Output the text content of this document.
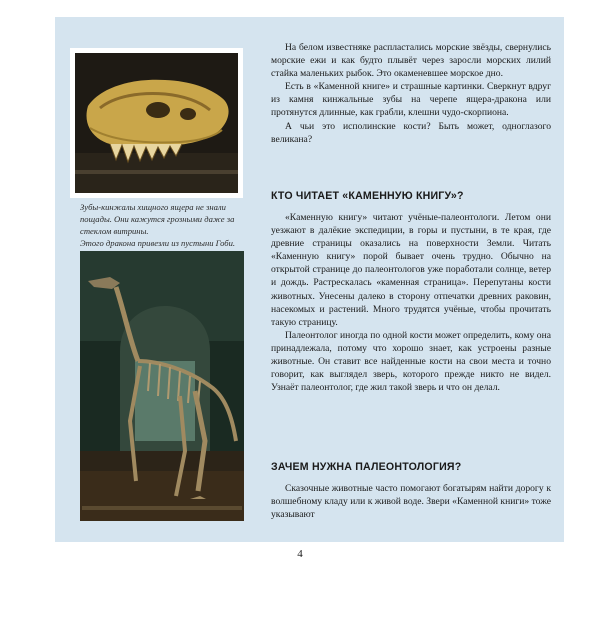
Зубы-кинжалы хищного ящера не знали пощады. Они кажутся грозными даже за стеклом витрины.

Этого дракона привезли из пустыни Гоби.

На белом известняке распластались морские звёзды, свернулись морские ежи и как будто плывёт через заросли морских лилий стайка маленьких рыбок. Это окаменевшее морское дно.

Есть в «Каменной книге» и страшные картинки. Сверкнут вдруг из камня кинжальные зубы на черепе ящера-дракона или протянутся длинные, как грабли, клешни чудо-скорпиона.

А чьи это исполинские кости? Быть может, одноглазого великана?

КТО ЧИТАЕТ «КАМЕННУЮ КНИГУ»?

«Каменную книгу» читают учёные-палеонтологи. Летом они уезжают в далёкие экспедиции, в горы и пустыни, в те края, где древние страницы оказались на поверхности Земли. Читать «Каменную книгу» порой бывает очень трудно. Обычно на открытой странице до палеонтологов уже поработали солнце, ветер и дождь. Растрескалась «каменная страница». Перепутаны кости животных. Унесены далеко в сторону отпечатки древних раковин, насекомых и растений. Много трудятся учёные, чтобы прочитать такую страницу.

Палеонтолог иногда по одной кости может определить, кому она принадлежала, потому что хорошо знает, как устроены разные животные. Он ставит все найденные кости на свои места и точно говорит, как выглядел зверь, которого прежде никто не видел. Узнаёт палеонтолог, где жил такой зверь и что он делал.

ЗАЧЕМ НУЖНА ПАЛЕОНТОЛОГИЯ?

Сказочные животные часто помогают богатырям найти дорогу к волшебному кладу или к живой воде. Звери «Каменной книги» тоже указывают

4
